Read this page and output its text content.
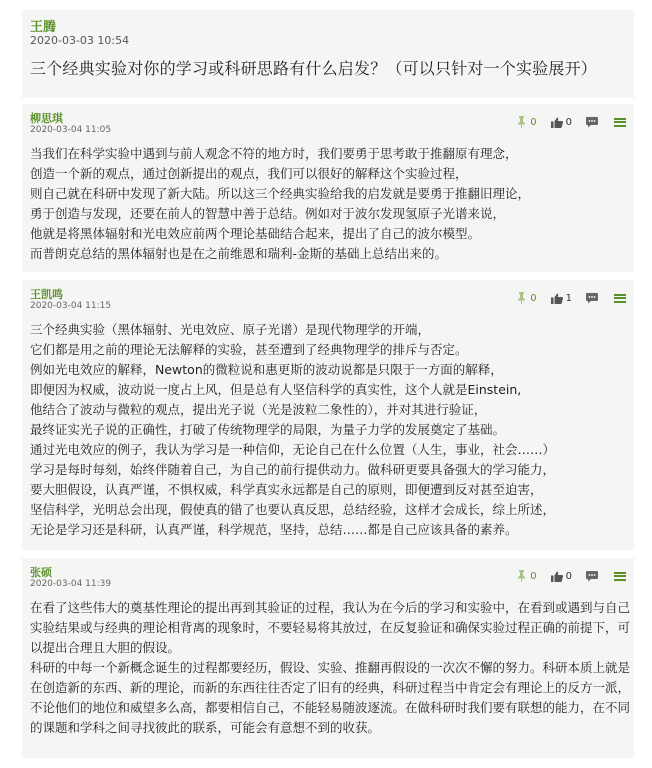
王腾
2020-03-03 10:54
三个经典实验对你的学习或科研思路有什么启发？（可以只针对一个实验展开）
柳思琪
2020-03-04 11:05
0	0

当我们在科学实验中遇到与前人观念不符的地方时，我们要勇于思考敢于推翻原有理念，

创造一个新的观点，通过创新提出的观点，我们可以很好的解释这个实验过程，

则自己就在科研中发现了新大陆。所以这三个经典实验给我的启发就是要勇于推翻旧理论，

勇于创造与发现，还要在前人的智慧中善于总结。例如对于波尔发现氢原子光谱来说，

他就是将黑体辐射和光电效应前两个理论基础结合起来，提出了自己的波尔模型。

而普朗克总结的黑体辐射也是在之前维恩和瑞利-金斯的基础上总结出来的。

王凯鸣
2020-03-04 11:15
0	1

三个经典实验（黑体辐射、光电效应、原子光谱）是现代物理学的开端，

它们都是用之前的理论无法解释的实验，甚至遭到了经典物理学的排斥与否定。

例如光电效应的解释，Newton的微粒说和惠更斯的波动说都是只限于一方面的解释，

即便因为权威，波动说一度占上风，但是总有人坚信科学的真实性，这个人就是Einstein,

他结合了波动与微粒的观点，提出光子说（光是波粒二象性的），并对其进行验证，

最终证实光子说的正确性，打破了传统物理学的局限，为量子力学的发展奠定了基础。

通过光电效应的例子，我认为学习是一种信仰，无论自己在什么位置（人生，事业，社会……）

学习是每时每刻，始终伴随着自己，为自己的前行提供动力。做科研更要具备强大的学习能力，

要大胆假设，认真严谨，不惧权威，科学真实永远都是自己的原则，即便遭到反对甚至迫害，

坚信科学，光明总会出现，假使真的错了也要认真反思，总结经验，这样才会成长，综上所述，

无论是学习还是科研，认真严谨，科学规范，坚持，总结……都是自己应该具备的素养。

张硕
2020-03-04 11:39
0	0

在看了这些伟大的奠基性理论的提出再到其验证的过程，我认为在今后的学习和实验中，在看到或遇到与自己实验结果或与经典的理论相背离的现象时，不要轻易将其放过，在反复验证和确保实验过程正确的前提下，可以提出合理且大胆的假设。

科研的中每一个新概念诞生的过程都要经历，假设、实验、推翻再假设的一次次不懈的努力。科研本质上就是在创造新的东西、新的理论，而新的东西往往否定了旧有的经典，科研过程当中肯定会有理论上的反方一派，不论他们的地位和威望多么高，都要相信自己，不能轻易随波逐流。在做科研时我们要有联想的能力，在不同的课题和学科之间寻找彼此的联系，可能会有意想不到的收获。
